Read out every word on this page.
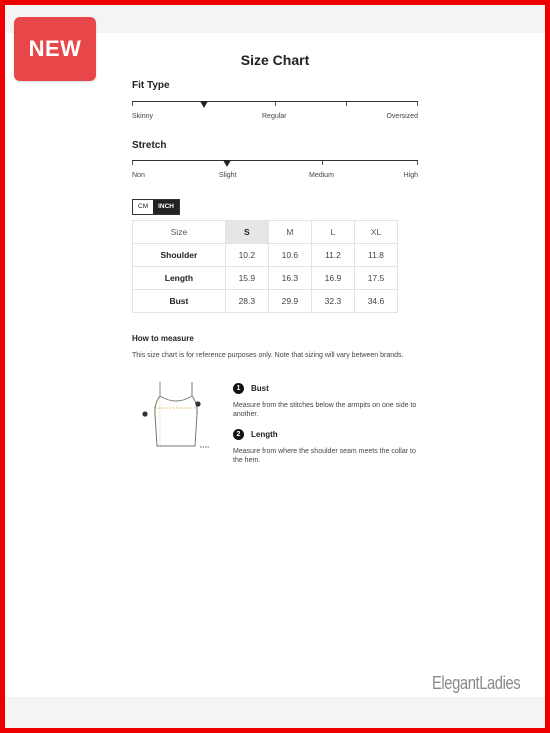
NEW	Size Chart
Fit Type
Skinny	Regular	Oversized
Stretch
Non	Slight	Medium	High
CM	INCH
Size	S	M	L	XL
Shoulder	10.2	10.6	11.2	11.8
Length	15.9	16.3	16.9	17.5
Bust	28.3	29.9	32.3	34.6
How to measure
This size chart is for reference purposes only. Note that sizing will vary between brands.
1	Bust
Measure from the stitches below the armpits on one side to another.
2	Length
Measure from where the shoulder seam meets the collar to the hem.
ElegantLadies
